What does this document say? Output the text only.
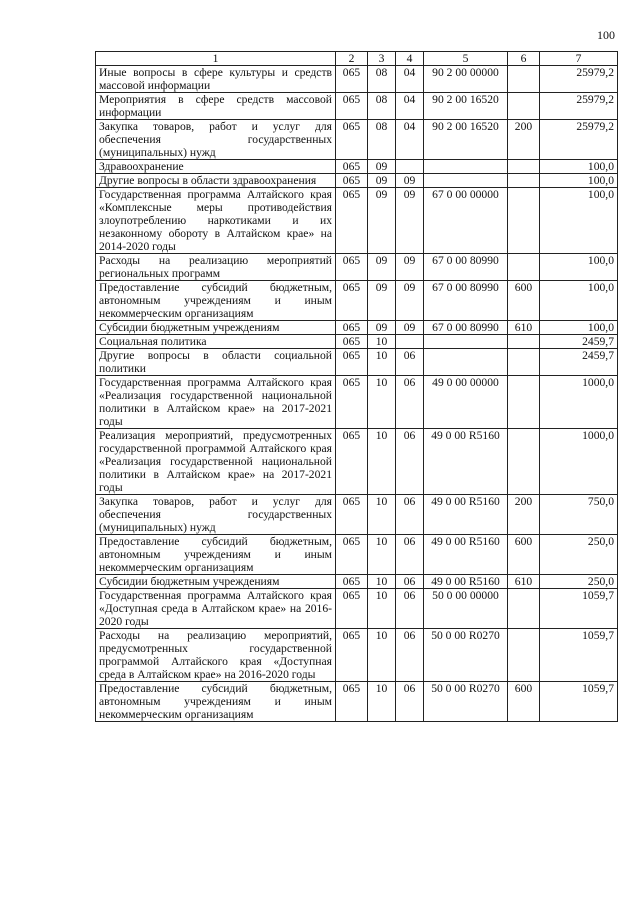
100
1	2	3	4	5	6	7
Иные вопросы в сфере культуры и средств массовой информации	065	08	04	90 2 00 00000		25979,2
Мероприятия в сфере средств массовой информации	065	08	04	90 2 00 16520		25979,2
Закупка товаров, работ и услуг для обеспечения государственных (муниципальных) нужд	065	08	04	90 2 00 16520	200	25979,2
Здравоохранение	065	09				100,0
Другие вопросы в области здравоохранения	065	09	09			100,0
Государственная программа Алтайского края «Комплексные меры противодействия злоупотреблению наркотиками и их незаконному обороту в Алтайском крае» на 2014-2020 годы	065	09	09	67 0 00 00000		100,0
Расходы на реализацию мероприятий региональных программ	065	09	09	67 0 00 80990		100,0
Предоставление субсидий бюджетным, автономным учреждениям и иным некоммерческим организациям	065	09	09	67 0 00 80990	600	100,0
Субсидии бюджетным учреждениям	065	09	09	67 0 00 80990	610	100,0
Социальная политика	065	10				2459,7
Другие вопросы в области социальной политики	065	10	06			2459,7
Государственная программа Алтайского края «Реализация государственной национальной политики в Алтайском крае» на 2017-2021 годы	065	10	06	49 0 00 00000		1000,0
Реализация мероприятий, предусмотренных государственной программой Алтайского края «Реализация государственной национальной политики в Алтайском крае» на 2017-2021 годы	065	10	06	49 0 00 R5160		1000,0
Закупка товаров, работ и услуг для обеспечения государственных (муниципальных) нужд	065	10	06	49 0 00 R5160	200	750,0
Предоставление субсидий бюджетным, автономным учреждениям и иным некоммерческим организациям	065	10	06	49 0 00 R5160	600	250,0
Субсидии бюджетным учреждениям	065	10	06	49 0 00 R5160	610	250,0
Государственная программа Алтайского края «Доступная среда в Алтайском крае» на 2016-2020 годы	065	10	06	50 0 00 00000		1059,7
Расходы на реализацию мероприятий, предусмотренных государственной программой Алтайского края «Доступная среда в Алтайском крае» на 2016-2020 годы	065	10	06	50 0 00 R0270		1059,7
Предоставление субсидий бюджетным, автономным учреждениям и иным некоммерческим организациям	065	10	06	50 0 00 R0270	600	1059,7
